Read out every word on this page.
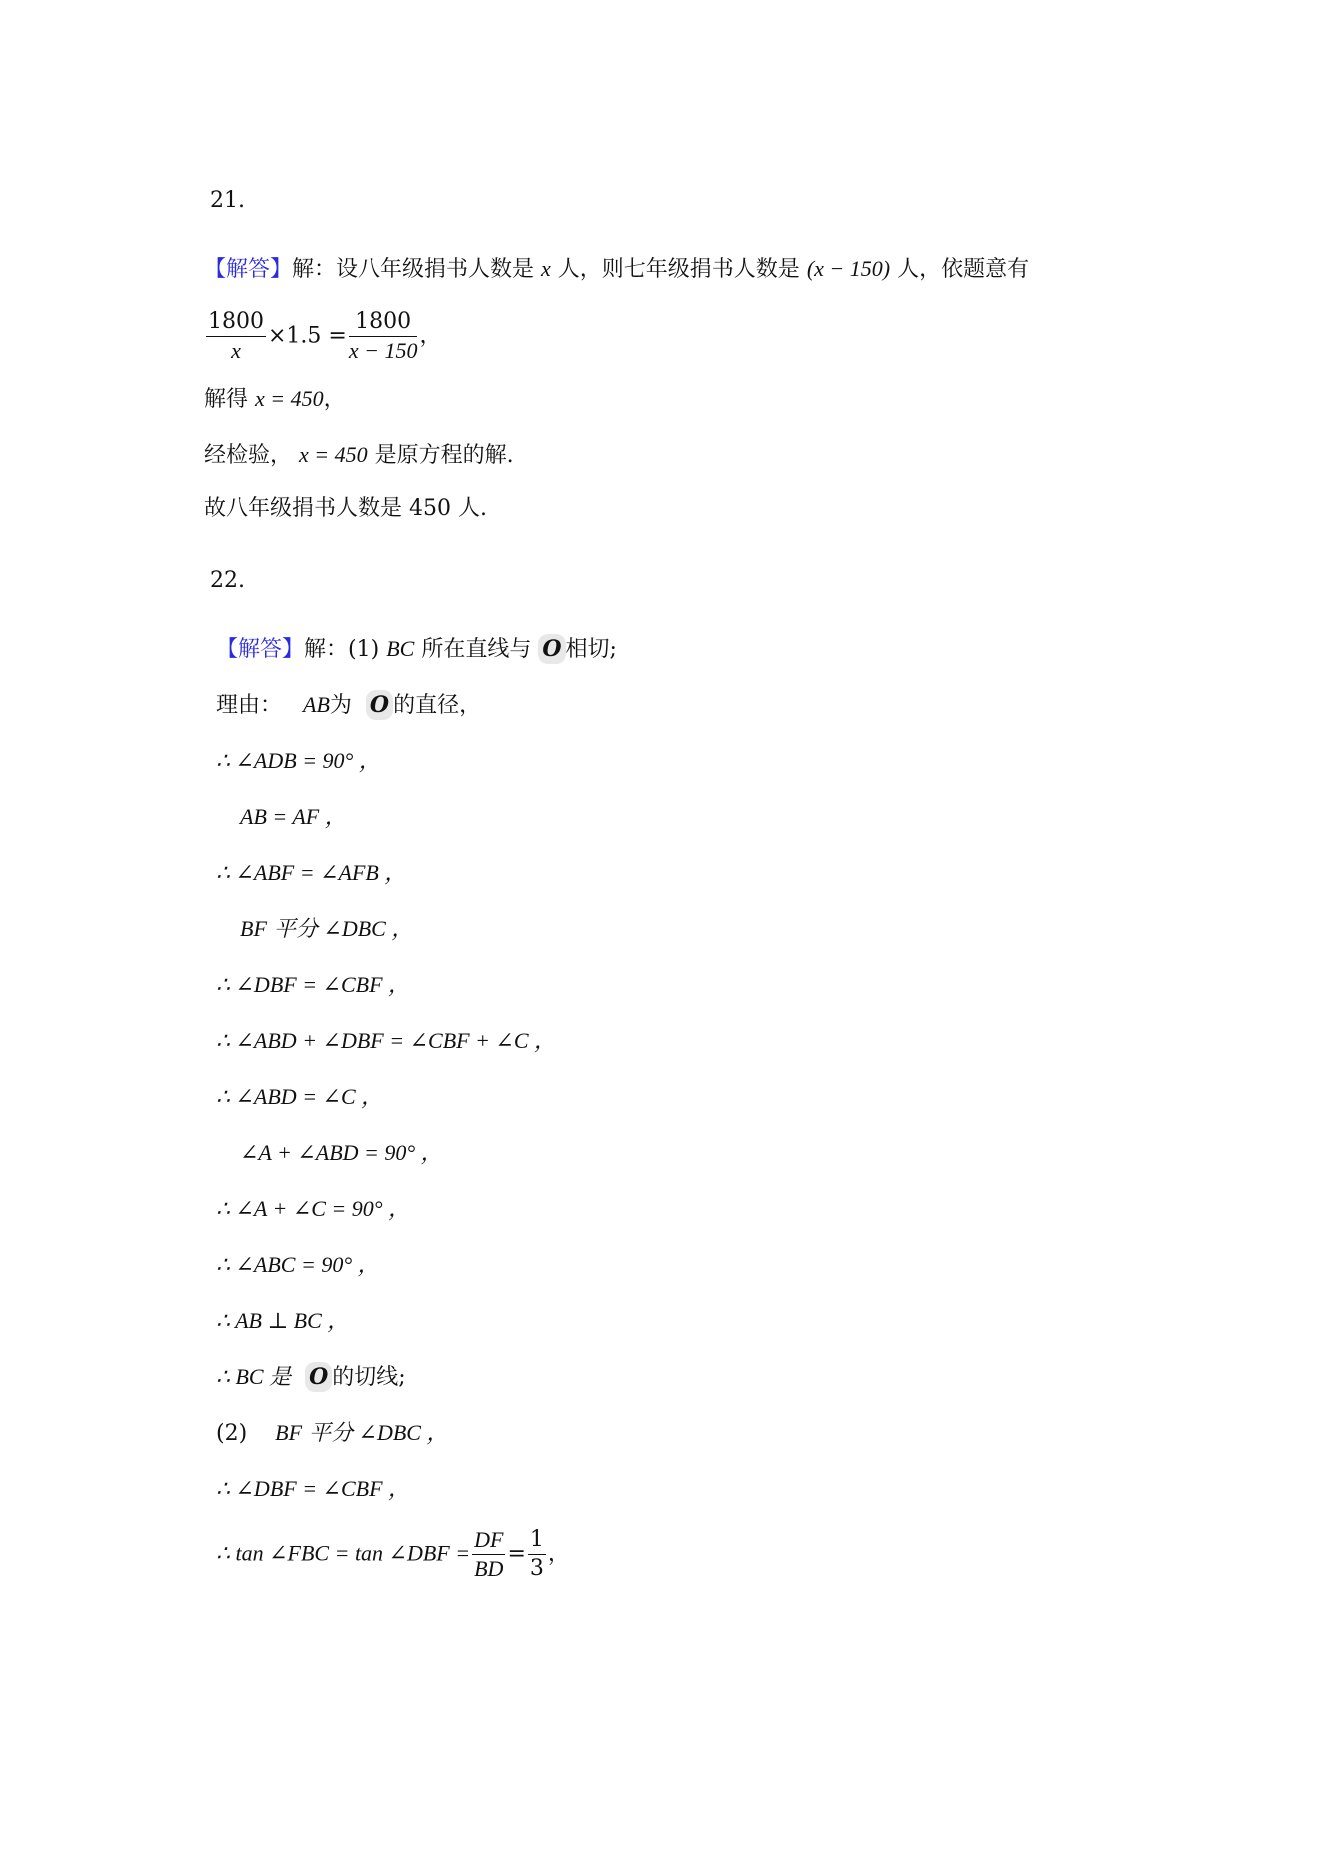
21.
【解答】解：设八年级捐书人数是 x 人，则七年级捐书人数是 (x − 150) 人，依题意有
$\frac{1800}{x} \times 1.5 = \frac{1800}{x - 150}$ ，
解得 x = 450，
经检验， x = 450 是原方程的解.
故八年级捐书人数是 450 人.
22.
【解答】解：(1) BC 所在直线与 O 相切;
理由： AB为 O 的直径，
∴ ∠ADB = 90° ，
AB = AF ，
∴ ∠ABF = ∠AFB ，
BF 平分 ∠DBC ，
∴ ∠DBF = ∠CBF ，
∴ ∠ABD + ∠DBF = ∠CBF + ∠C ，
∴ ∠ABD = ∠C ，
∠A + ∠ABD = 90° ，
∴ ∠A + ∠C = 90° ，
∴ ∠ABC = 90° ，
∴ AB ⊥ BC ，
∴ BC 是 O 的切线;
(2) BF 平分 ∠DBC ，
∴ ∠DBF = ∠CBF ，
∴ tan ∠FBC = tan ∠DBF = $\frac{DF}{BD} = \frac{1}{3}$ ，
